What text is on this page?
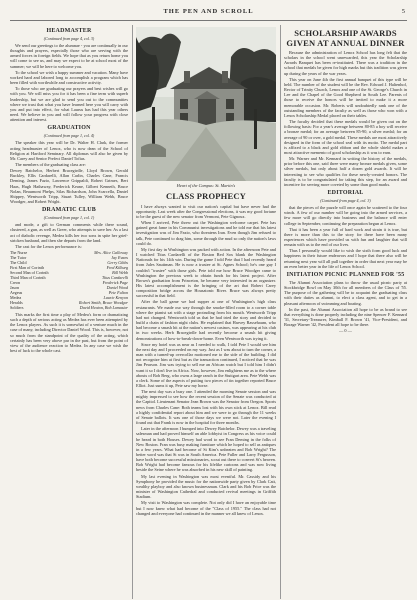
THE PEN AND SCROLL	5
HEADMASTER
(Continued from page 4, col. 3)

We send our greetings to the alumnae - you are continually in our thoughts and prayers, especially those who are serving with the armed forces in foreign fields. We hope that as you return home you will come to see us, and may we expect to be at school most of the summer; we will be here to welcome you.

To the school we wish a happy summer and vacation. Many have worked hard and labored long to accomplish a program which has been filled with worthwhile and constructive activity.

To those who are graduating our prayers and best wishes will go with you. We will miss you for it has been a fine term with superb leadership, but we are glad to send you out to the communities where we trust that what you have learned here you will carry with you and put into effect, for what Laurus has had this year others need. We believe in you and will follow your progress with close attention and interest.

GRADUATION
(Continued from page 1, col. 4)

The speaker this year will be Dr. Walter H. Clark, the former acting headmaster of Lenox, who is now dean of the School of Religion at Hartford Seminary. All diplomas will also be given by Mr. Carey and Senior Prefect Daniel Tofias.

The members of the graduating class are:

Dewey Batchelor, Herbert Bracegirdle, Lloyd Brown, Gerald Buckley, Ellis Cardarelli, Allan Carlin, Charles Cane, Francis Deming, James Fazio, Lawrence Grippaldi, Robert Grimes, Bert Haas, Hugh Hathaway, Frederick Keane, Gilbert Kenneth, Bruce Nolan, Beaumont Phelps, Silas Richardson, John Scarcella, Daniel Shippey, Wentworth Tripp, Stuart Tulley, William Webb, Bruce Woodger, and Robert Wright.

DRAMATIC CLUB
(Continued from page 1, col. 1)

and mode, a gift to German comments while there sound, clustered, a gun, as well as Greer, who attempts to save her. As a last act of diabolic revenge, Medea kills her two sons in spite her grief-stricken husband, and then she departs from the land.

The cast for the Lenox performance is:

The Nurse	Mrs. Alice Galloway
The Tutor	Jay Evans
The Child	Gerry Gibbs
First Man of Corinth	Fred Kilburg
Second Man of Corinth	Bill Webb
Third Man of Corinth	Titus Cardarelli
Creon	Frederick Page
Jason	Daniel Wood
Aegeus	Pete Fulton
Medea	Laurie Kenyon
Heralds	Robert Smith, Bruce Woodger
Soldiers	David Heaton, Bob Lamaster

This marks the first time a play of Medea's form or dramatizing such a depth of serious acting as Medea has ever been attempted by the Lenox players. As such it is somewhat of a venture much in the case of many, including Director Daniel Wood. This is, however, not so much from the standpoint of the quality of the acting, which certainly has been very above par in the past, but from the point of view of the audience reaction to Medea. In any case we wish the best of luck to the whole cast.

Heart of the Campus: St. Martin's
CLASS PROPHECY

I have always wanted to visit our nation's capital but have never had the opportunity. Last week after the Congressional elections, it was my good fortune to be the guest of the new senator from Vermont, Pete Gignoux.

When I arrived, Pete threw out the Washington welcome carpet. Pete has gained great fame in his Communist investigations and he told me that his latest investigation was of Jim Fazio, who threatens Iran. Even though Jim refused to talk, Pete continued to drag him, some through the mud so only the nation's laws could do.

My first day in Washington was packed with action. In the afternoon Pete and I watched Titus Cardarelli of the Boston Red Sox blank the Washington Nationals for his 14th win. During the game I told Pete that I had recently heard from Jules Sauttman. He is now a trustee at St. Agnes School; he's one guy I couldn't "trustee" with those girls. Pete told me how Bruce Woodger came to Washington the previous week to obtain funds for his latest project. After Brown's graduation from Princeton, he became very interested in an organizer. His latest accomplishment is the bringing of the art that Robert Carey composition bridge across the Housatonic River. Bruce was always pretty successful in that field.

After the ball game we had supper at one of Washington's high class restaurants. We made our way through the smoke-filled room to a corner table where the pianist sat with a stage protruding from his mouth. Wentworth Tripp had not changed. Wentworth told us that he had tried the story and decided to build a chain of fashion night clubs. He explained that Harvey Rassehaum, who had become a smash hit at the nation's newest casinos, was appearing at his club in two weeks. Herb Bracegirdle had recently become a smash hit giving demonstrations of how-to-break-down-home. Even Wentworth was trying it.

Since my hotel was as near as I needed to walk, I told Pete I would see him the next day and I proceeded on my way. Just as I was about to turn the corner, a man with a turned-up overcollar motioned me to the side of the building. I did not recognize him at first but as the transaction continued, I noticed that he was Jim Pearson. Jim was trying to sell me an African watch but I told him I didn't want it so I don't live in Africa. Now, however, Jim enlightens me as to the where abouts of Bob Berg, who owns a large ranch in the Stuttgart area. Pete Webb was a clerk. Some of the aspects of putting two pieces of tin together reported Bruce Elliot. Just sums it up, Pete saw my horse.

The next day was a busy one. I attended the morning Senate session and was mighty impressed to see how the recent session of the Senate was conducted at the Capitol. Lieutenant Senator Jean Brown was the Senator from Oregon. Sports news from Charles Cane: Both teams lost with his own stick at Lenox. Bill read a highly confidential report about him and we were to go through the 11 weeks of Senate ballots. It was one of those days we were not. Later the evening I found out that Frank is now in the hospital for three months.

Later in the afternoon I bumped into Dewey Batchelor. Dewey was a traveling salesman and had proved himself an able lobbyist in Congress as his voice could be heard in both Houses. Dewey had word to see Fran Deming in the folks of New Boston. Fran was busy making furniture which he hoped to sell as antiques in a few years. What had become of St Kim's unbeaten and Bob Wright? The better word was that St was in South America. Pete Fuller and Larry Fergusson, have both become successful missionaries, scout out there to convert St's heaven. Bob Wright had become famous for his lifelike cartoons and was now living beside the Seine where he was absorbed in his new skill of painting.

My last evening in Washington was most eventful. Mr. Cassidy and his Symphony he provided the music for the nationwide party given by Clark Catt, wealthy playboy and also known businessman. Clark and his Bob Price was the minister of Washington Cathedral and conducted revival meetings in Griffith Stadium.

My visit to Washington was complete. Not only did I have an enjoyable time but I now knew what had become of the "Class of 1955." The class had not changed and everyone had continued in the manner we all knew of Lenox.

SCHOLARSHIP AWARDS GIVEN AT ANNUAL DINNER

Because the administration of Lenox School has long felt that the scholars in the school went unrewarded, this year the Scholarship Awards Banquet has been re-instituted. There was a tradition in the school that medals be given for high marks but this tradition was given up during the years of the war years.

This year on June 4th the first annual banquet of this type will be held. The number of the student will be the Rev. Edward J. Haltenhof, Rector of Trinity Church, Lenox and one of the St. George's Church in Lee and the Chapel of the Good Shepherd in South Lee. Parents of those to receive the honors will be invited to make it a more memorable occasion. Mr. Roberts will undoubtedly rank one of the outstanding members of the faculty as well as those who won with a Lenox Scholarship Medal placed on their tables.

The faculty decided that these medals would be given out on the following basis: For a year's average between 80-85 a boy will receive a bronze medal; for an average between 85-90, a silver medal; for an average of 90 or over, a gold medal. These medals are most attractively designed in the form of the school seal with its motto. The medal part is affixed to a black and gold ribbon and the whole shield makes a most attractive memento of good scholarship as it was to earn.

Mr. Warner and Mr. Kennard in writing the history of the medals, prior before this one, said three were many bronze medals given, some silver medals, but only about half a dozen gold awards. It will be interesting to see who qualifies for these newly-created honors. The faculty is to be congratulated for taking this step, for an award and incentive for serving more coveted by some than good marks.

EDITORIAL
(Continued from page 4, col. 3)

that the pieces of the puzzle will once again be scattered to the four winds. A few of our number will be going into the armed services, a few more will go directly into business and the balance will enter college in September, continuing the preparation begun at Lenox.

That it has been a year full of hard work and strain it is true, but there is more than this to the story for there have been many experiences which have provided us with fun and laughter that will remain with us to the end of our lives.

Thus I personally would like to wish the sixth form good luck and happiness in their future endeavors and I hope that there also will be returning next year will all pull together in order that next year may be an even better year in the life of Lenox School.

INITIATION PICNIC PLANNED FOR '55

The Alumni Association plans to throw the usual picnic party at Stockbridge Bowl on May 30th for all members of the Class of '55. The purpose of the gathering will be to acquaint the graduating class with their duties as alumni, to elect a class agent, and to get in a pleasant afternoon of swimming and boating.

In the past, the Alumni Association all hope to be as brand to see that everything is done properly including the nine Spencer F. Kennard '31, Secretary-Treasurer, Kimball F. Brown '41, Vice-President, and Borage Warner '42, President all hope to be there.

— 0 —
